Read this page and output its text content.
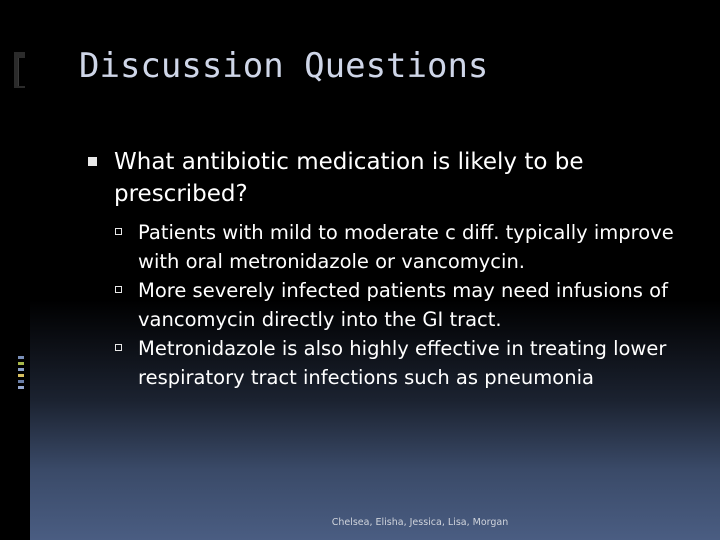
Discussion Questions
What antibiotic medication is likely to be prescribed?
Patients with mild to moderate c diff. typically improve with oral metronidazole or vancomycin.
More severely infected patients may need infusions of vancomycin directly into the GI tract.
Metronidazole is also highly effective in treating lower respiratory tract infections such as pneumonia
Chelsea, Elisha, Jessica, Lisa, Morgan
